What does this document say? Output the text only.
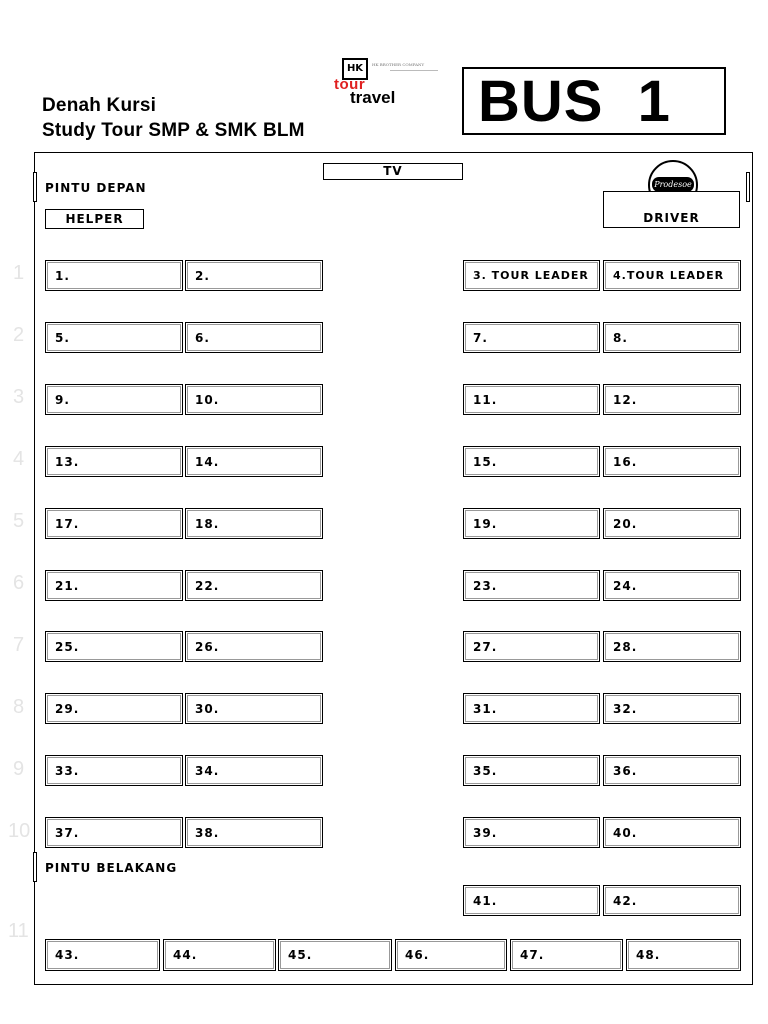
Denah Kursi
Study Tour SMP & SMK BLM
HK	HK BROTHER COMPANY
tour
travel BUS  1
TV
PINTU DEPAN
HELPER
Prodesoe
DRIVER
PINTU BELAKANG
1
2
3
4
5
6
7
8
9
10
11
1.	2.	3. TOUR LEADER	4.TOUR LEADER
5.	6.	7.	8.
9.	10.	11.	12.
13.	14.	15.	16.
17.	18.	19.	20.
21.	22.	23.	24.
25.	26.	27.	28.
29.	30.	31.	32.
33.	34.	35.	36.
37.	38.	39.	40.
41.	42.
43.	44.	45.	46.	47.	48.
